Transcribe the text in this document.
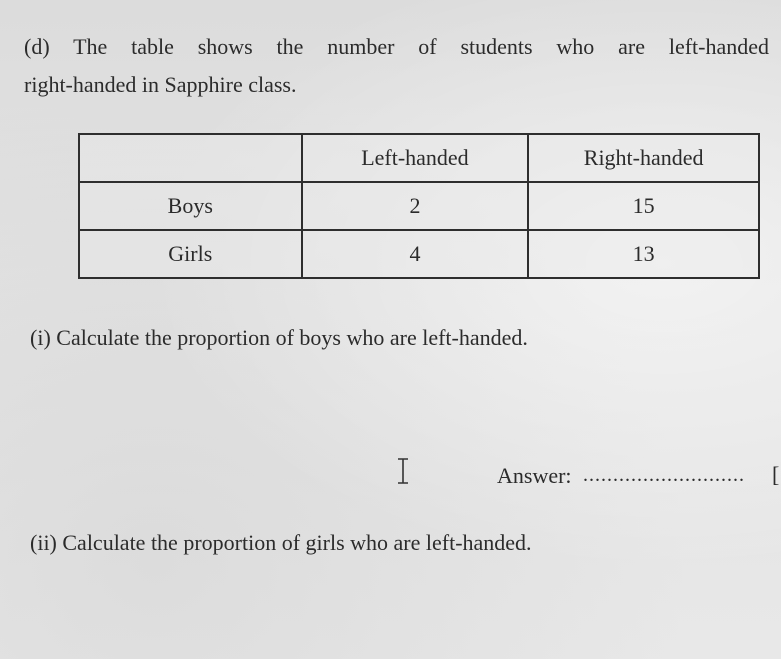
(d) The table shows the number of students who are left-handed
right-handed in Sapphire class.
	Left-handed	Right-handed
Boys	2	15
Girls	4	13
(i) Calculate the proportion of boys who are left-handed.
Answer: ...........................	[
(ii) Calculate the proportion of girls who are left-handed.
